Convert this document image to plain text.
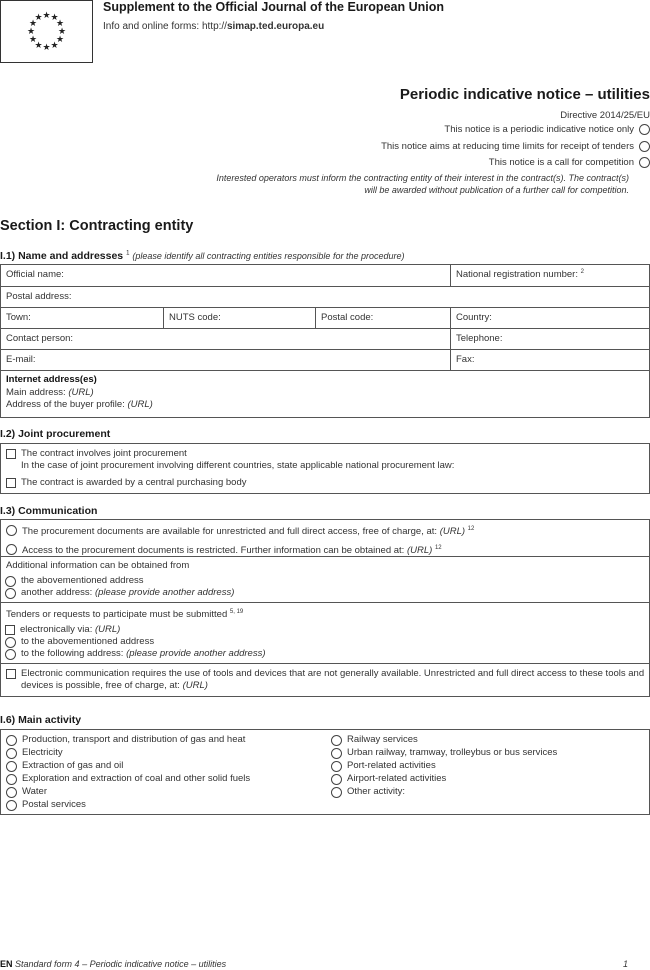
★ ★
★
★
★
★
★
★
★
★
★
★
Supplement to the Official Journal of the European Union
Info and online forms: http://simap.ted.europa.eu
Periodic indicative notice – utilities
Directive 2014/25/EU
This notice is a periodic indicative notice only
This notice aims at reducing time limits for receipt of tenders
This notice is a call for competition
Interested operators must inform the contracting entity of their interest in the contract(s). The contract(s) will be awarded without publication of a further call for competition.
Section I: Contracting entity
I.1) Name and addresses $^1$ (please identify all contracting entities responsible for the procedure)
Official name:	National registration number: $^2$
Postal address:
Town:	NUTS code:	Postal code:	Country:
Contact person:	Telephone:
E-mail:	Fax:
Internet address(es)
Main address: (URL)
Address of the buyer profile: (URL)
I.2) Joint procurement
The contract involves joint procurement
In the case of joint procurement involving different countries, state applicable national procurement law:
The contract is awarded by a central purchasing body
I.3) Communication
The procurement documents are available for unrestricted and full direct access, free of charge, at: (URL) $^{12}$
Access to the procurement documents is restricted. Further information can be obtained at: (URL) $^{12}$
Additional information can be obtained from
the abovementioned address
another address: (please provide another address)
Tenders or requests to participate must be submitted $^{5, 19}$
electronically via: (URL)
to the abovementioned address
to the following address: (please provide another address)
Electronic communication requires the use of tools and devices that are not generally available. Unrestricted and full direct access to these tools and devices is possible, free of charge, at: (URL)
I.6) Main activity
Production, transport and distribution of gas and heat
Electricity
Extraction of gas and oil
Exploration and extraction of coal and other solid fuels
Water
Postal services
Railway services
Urban railway, tramway, trolleybus or bus services
Port-related activities
Airport-related activities
Other activity:
EN Standard form 4 – Periodic indicative notice – utilities	1
